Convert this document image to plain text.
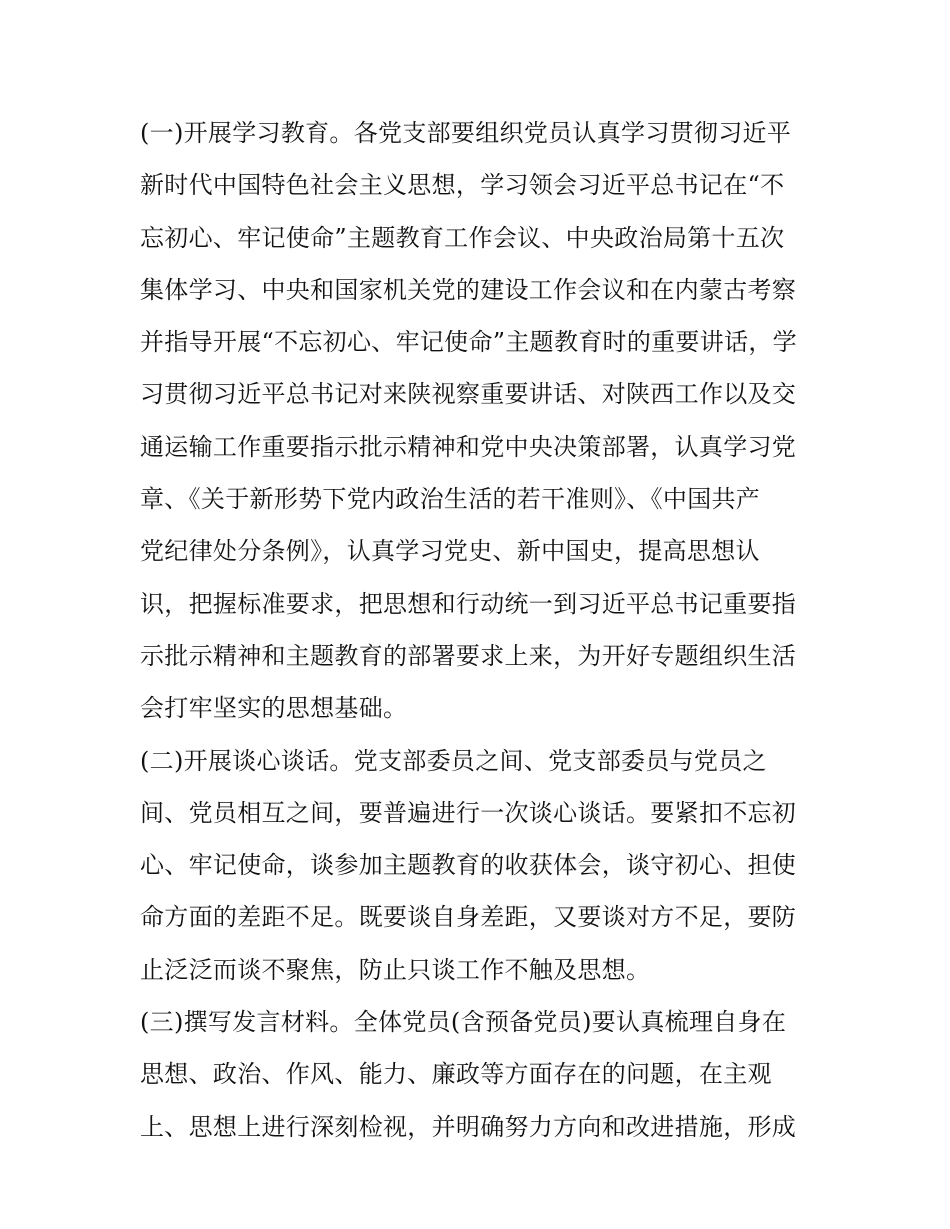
(一)开展学习教育。各党支部要组织党员认真学习贯彻习近平
新时代中国特色社会主义思想，学习领会习近平总书记在“不
忘初心、牢记使命”主题教育工作会议、中央政治局第十五次
集体学习、中央和国家机关党的建设工作会议和在内蒙古考察
并指导开展“不忘初心、牢记使命”主题教育时的重要讲话，学
习贯彻习近平总书记对来陕视察重要讲话、对陕西工作以及交
通运输工作重要指示批示精神和党中央决策部署，认真学习党
章、《关于新形势下党内政治生活的若干准则》、《中国共产
党纪律处分条例》，认真学习党史、新中国史，提高思想认
识，把握标准要求，把思想和行动统一到习近平总书记重要指
示批示精神和主题教育的部署要求上来，为开好专题组织生活
会打牢坚实的思想基础。
(二)开展谈心谈话。党支部委员之间、党支部委员与党员之
间、党员相互之间，要普遍进行一次谈心谈话。要紧扣不忘初
心、牢记使命，谈参加主题教育的收获体会，谈守初心、担使
命方面的差距不足。既要谈自身差距，又要谈对方不足，要防
止泛泛而谈不聚焦，防止只谈工作不触及思想。
(三)撰写发言材料。全体党员(含预备党员)要认真梳理自身在
思想、政治、作风、能力、廉政等方面存在的问题，在主观
上、思想上进行深刻检视，并明确努力方向和改进措施，形成
